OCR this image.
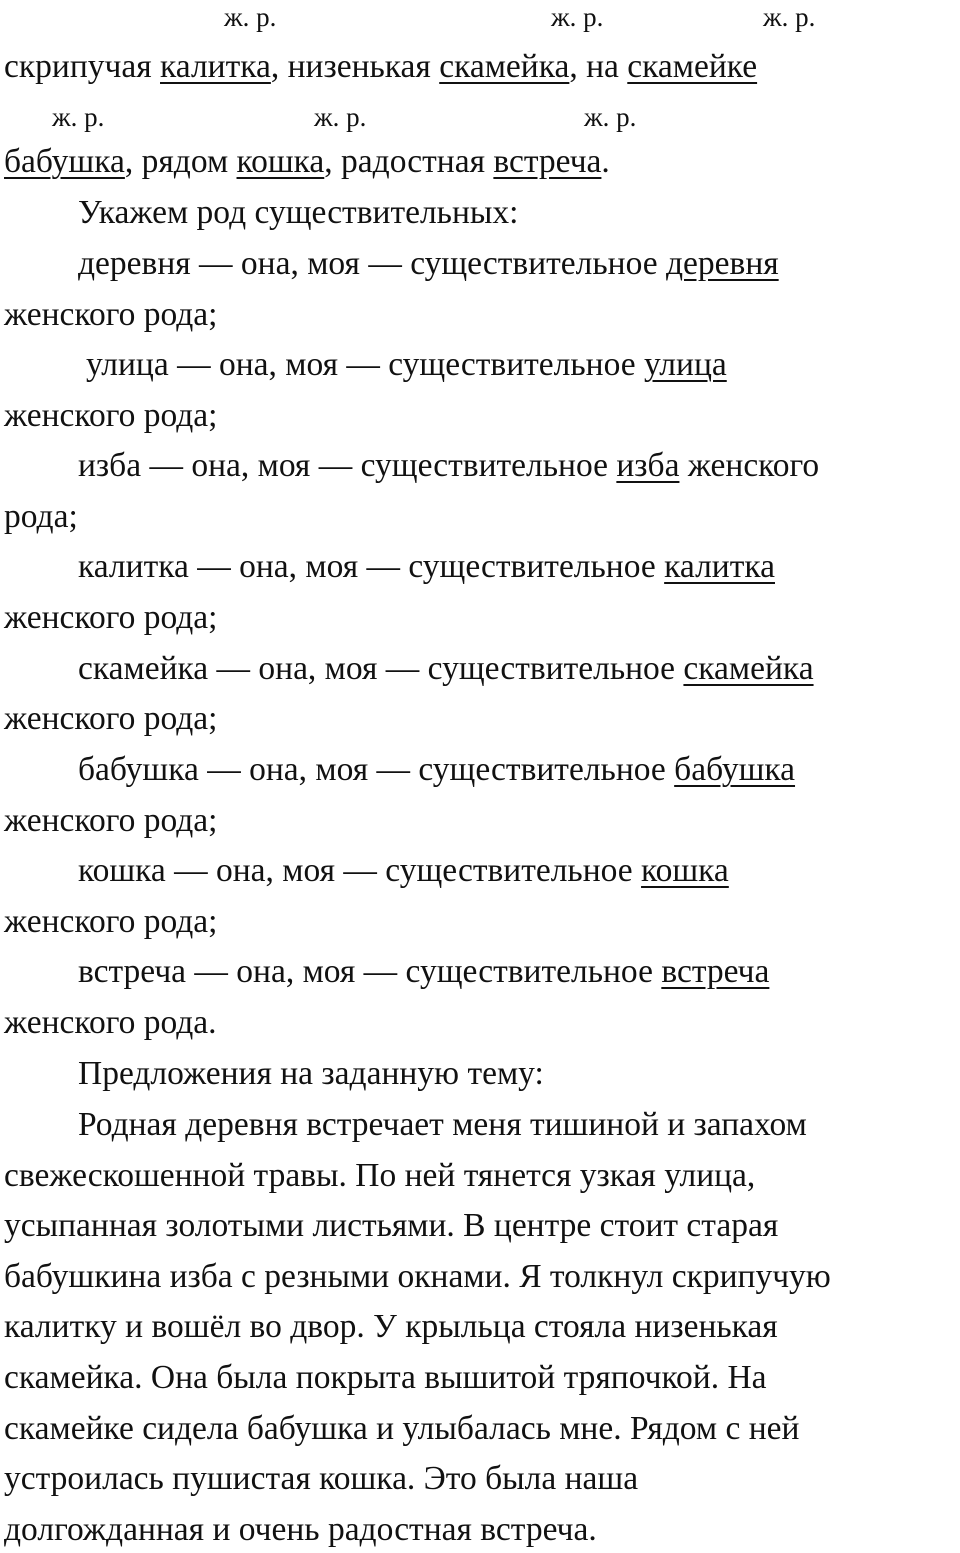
ж. р.	ж. р.	ж. р.
скрипучая калитка, низенькая скамейка, на скамейке
ж. р.	ж. р.	ж. р.
бабушка, рядом кошка, радостная встреча.
Укажем род существительных:
деревня — она, моя — существительное деревня
женского рода;
улица — она, моя — существительное улица
женского рода;
изба — она, моя — существительное изба женского
рода;
калитка — она, моя — существительное калитка
женского рода;
скамейка — она, моя — существительное скамейка
женского рода;
бабушка — она, моя — существительное бабушка
женского рода;
кошка — она, моя — существительное кошка
женского рода;
встреча — она, моя — существительное встреча
женского рода.
Предложения на заданную тему:
Родная деревня встречает меня тишиной и запахом
свежескошенной травы. По ней тянется узкая улица,
усыпанная золотыми листьями. В центре стоит старая
бабушкина изба с резными окнами. Я толкнул скрипучую
калитку и вошёл во двор. У крыльца стояла низенькая
скамейка. Она была покрыта вышитой тряпочкой. На
скамейке сидела бабушка и улыбалась мне. Рядом с ней
устроилась пушистая кошка. Это была наша
долгожданная и очень радостная встреча.
